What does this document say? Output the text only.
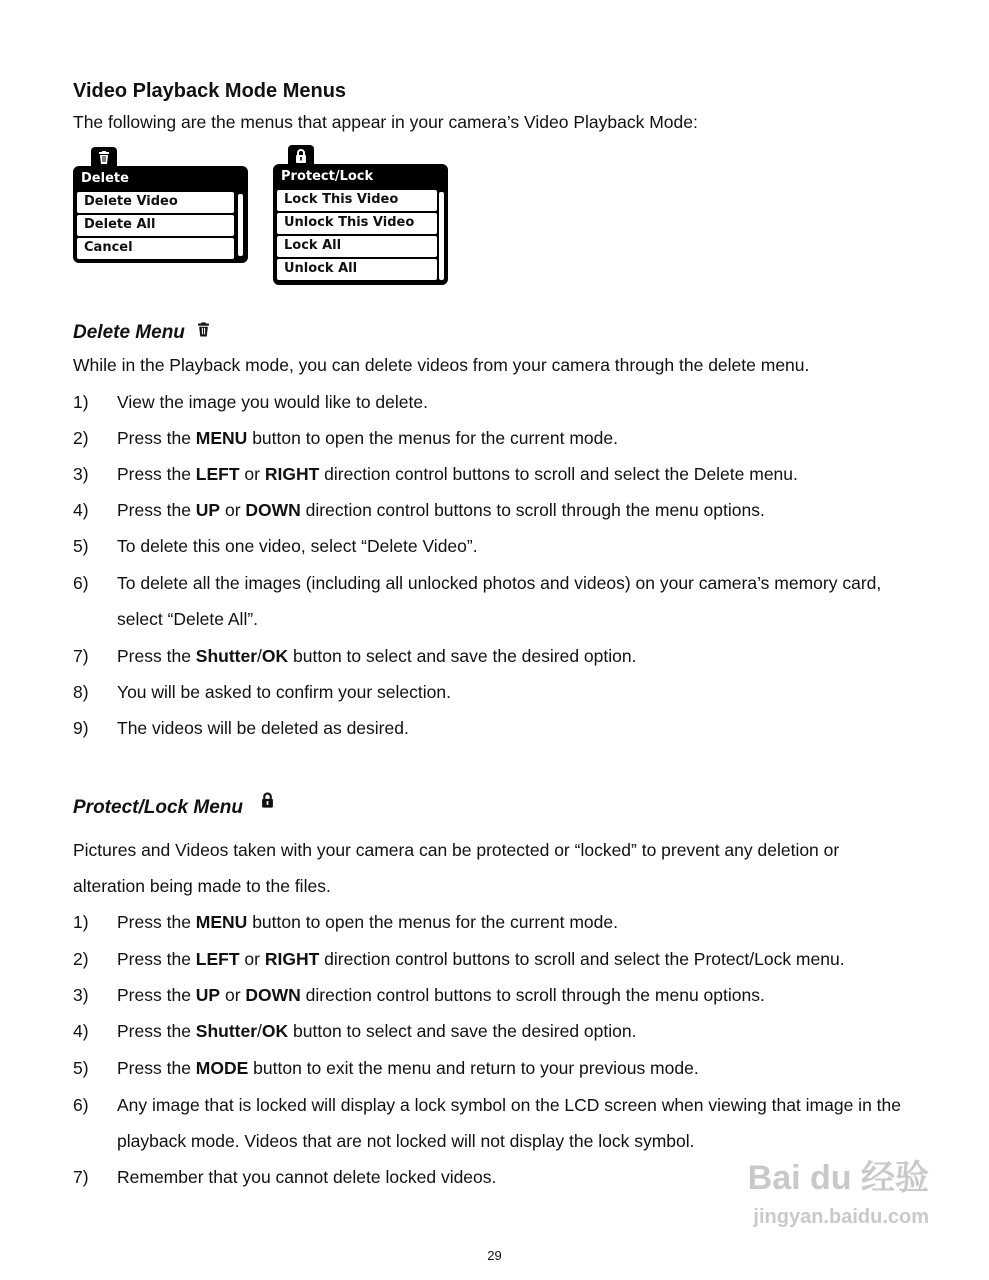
Video Playback Mode Menus
The following are the menus that appear in your camera’s Video Playback Mode:
Delete
Delete Video
Delete All
Cancel
Protect/Lock
Lock This Video
Unlock This Video
Lock All
Unlock All
Delete Menu
While in the Playback mode, you can delete videos from your camera through the delete menu.
1)	View the image you would like to delete.
2)	Press the MENU button to open the menus for the current mode.
3)	Press the LEFT or RIGHT direction control buttons to scroll and select the Delete menu.
4)	Press the UP or DOWN direction control buttons to scroll through the menu options.
5)	To delete this one video, select “Delete Video”.
6)	To delete all the images (including all unlocked photos and videos) on your camera’s memory card, select “Delete All”.
7)	Press the Shutter/OK button to select and save the desired option.
8)	You will be asked to confirm your selection.
9)	The videos will be deleted as desired.
Protect/Lock Menu
Pictures and Videos taken with your camera can be protected or “locked” to prevent any deletion or alteration being made to the files.
1)	Press the MENU button to open the menus for the current mode.
2)	Press the LEFT or RIGHT direction control buttons to scroll and select the Protect/Lock menu.
3)	Press the UP or DOWN direction control buttons to scroll through the menu options.
4)	Press the Shutter/OK button to select and save the desired option.
5)	Press the MODE button to exit the menu and return to your previous mode.
6)	Any image that is locked will display a lock symbol on the LCD screen when viewing that image in the playback mode. Videos that are not locked will not display the lock symbol.
7)	Remember that you cannot delete locked videos.	Bai du 经验
jingyan.baidu.com
29
